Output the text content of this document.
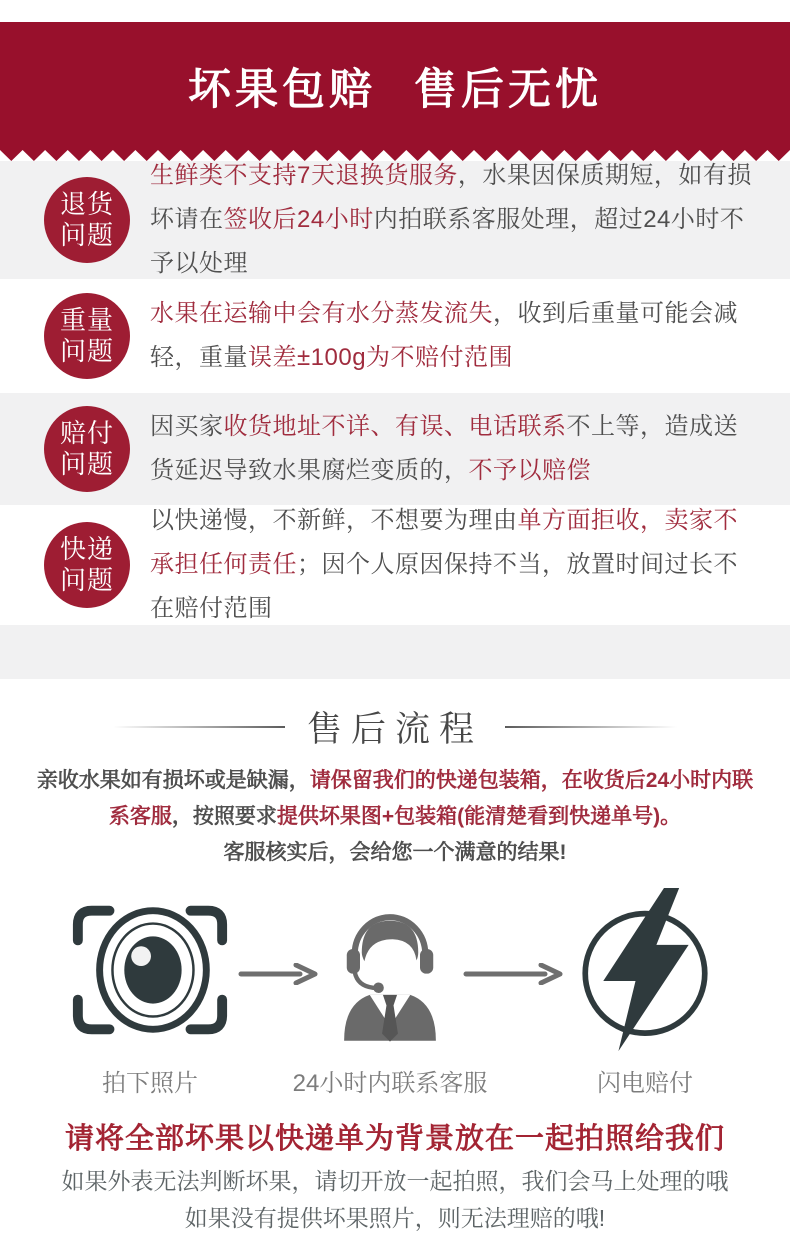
坏果包赔 售后无忧
退货
问题

生鲜类不支持7天退换货服务，水果因保质期短，如有损坏请在签收后24小时内拍联系客服处理，超过24小时不予以处理

重量
问题

水果在运输中会有水分蒸发流失，收到后重量可能会减轻，重量误差±100g为不赔付范围

赔付
问题

因买家收货地址不详、有误、电话联系不上等，造成送货延迟导致水果腐烂变质的，不予以赔偿

快递
问题

以快递慢，不新鲜，不想要为理由单方面拒收，卖家不承担任何责任；因个人原因保持不当，放置时间过长不在赔付范围

售后流程

亲收水果如有损坏或是缺漏，请保留我们的快递包装箱，在收货后24小时内联系客服，按照要求提供坏果图+包装箱(能清楚看到快递单号)。

客服核实后，会给您一个满意的结果!
拍下照片	24小时内联系客服	闪电赔付
请将全部坏果以快递单为背景放在一起拍照给我们
如果外表无法判断坏果，请切开放一起拍照，我们会马上处理的哦
如果没有提供坏果照片，则无法理赔的哦!
